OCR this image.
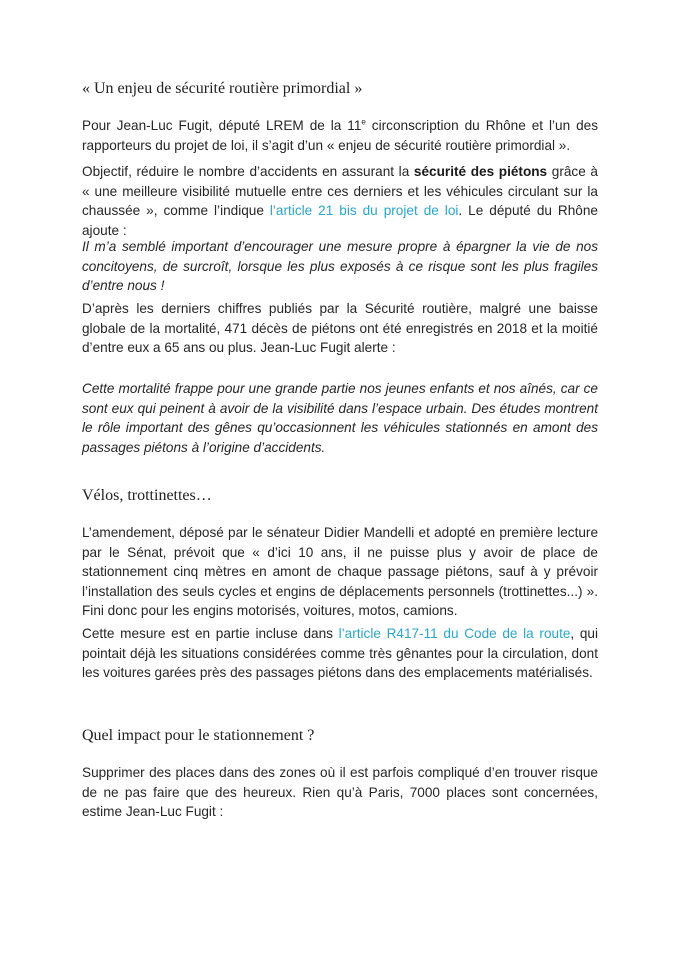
« Un enjeu de sécurité routière primordial »

Pour Jean-Luc Fugit, député LREM de la 11e circonscription du Rhône et l’un des rapporteurs du projet de loi, il s’agit d’un « enjeu de sécurité routière primordial ».

Objectif, réduire le nombre d’accidents en assurant la sécurité des piétons grâce à « une meilleure visibilité mutuelle entre ces derniers et les véhicules circulant sur la chaussée », comme l’indique l’article 21 bis du projet de loi. Le député du Rhône ajoute :

Il m’a semblé important d’encourager une mesure propre à épargner la vie de nos concitoyens, de surcroît, lorsque les plus exposés à ce risque sont les plus fragiles d’entre nous !

D’après les derniers chiffres publiés par la Sécurité routière, malgré une baisse globale de la mortalité, 471 décès de piétons ont été enregistrés en 2018 et la moitié d’entre eux a 65 ans ou plus. Jean-Luc Fugit alerte :

Cette mortalité frappe pour une grande partie nos jeunes enfants et nos aînés, car ce sont eux qui peinent à avoir de la visibilité dans l’espace urbain. Des études montrent le rôle important des gênes qu’occasionnent les véhicules stationnés en amont des passages piétons à l’origine d’accidents.

Vélos, trottinettes…

L’amendement, déposé par le sénateur Didier Mandelli et adopté en première lecture par le Sénat, prévoit que « d’ici 10 ans, il ne puisse plus y avoir de place de stationnement cinq mètres en amont de chaque passage piétons, sauf à y prévoir l’installation des seuls cycles et engins de déplacements personnels (trottinettes...) ». Fini donc pour les engins motorisés, voitures, motos, camions.

Cette mesure est en partie incluse dans l’article R417-11 du Code de la route, qui pointait déjà les situations considérées comme très gênantes pour la circulation, dont les voitures garées près des passages piétons dans des emplacements matérialisés.

Quel impact pour le stationnement ?

Supprimer des places dans des zones où il est parfois compliqué d’en trouver risque de ne pas faire que des heureux. Rien qu’à Paris, 7000 places sont concernées, estime Jean-Luc Fugit :
